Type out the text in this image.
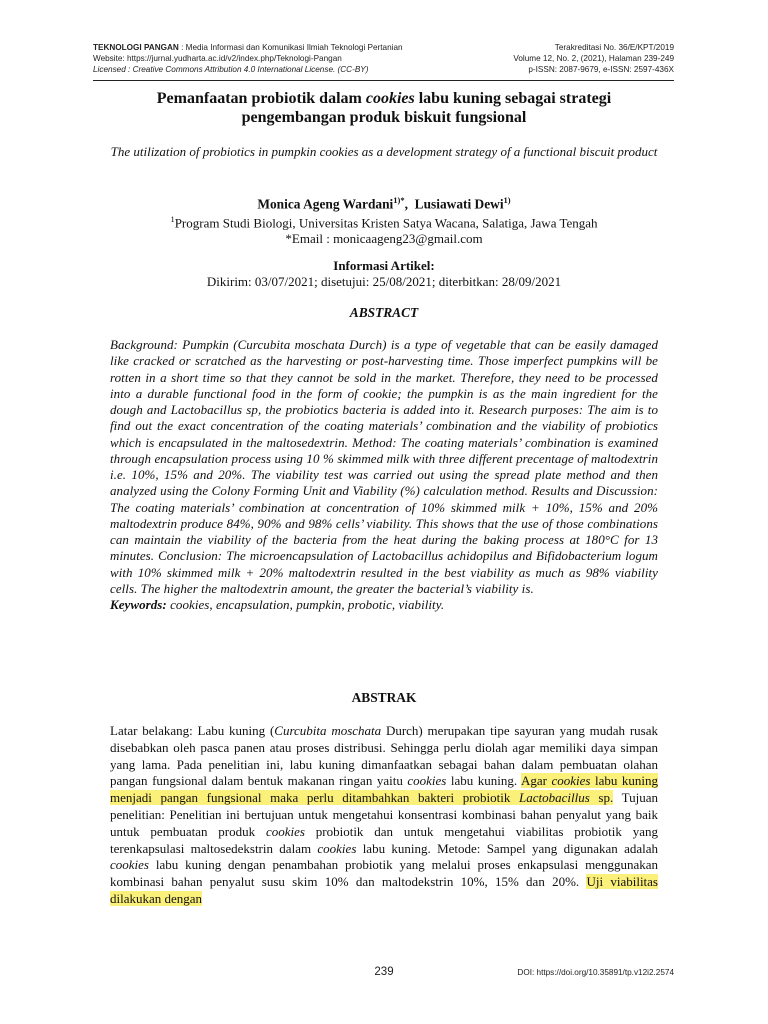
TEKNOLOGI PANGAN : Media Informasi dan Komunikasi Ilmiah Teknologi Pertanian
Website: https://jurnal.yudharta.ac.id/v2/index.php/Teknologi-Pangan
Licensed : Creative Commons Attribution 4.0 International License. (CC-BY)
Terakreditasi No. 36/E/KPT/2019
Volume 12, No. 2, (2021), Halaman 239-249
p-ISSN: 2087-9679, e-ISSN: 2597-436X
Pemanfaatan probiotik dalam cookies labu kuning sebagai strategi pengembangan produk biskuit fungsional
The utilization of probiotics in pumpkin cookies as a development strategy of a functional biscuit product
Monica Ageng Wardani$^{1)*}$,  Lusiawati Dewi$^{1)}$
$^1$Program Studi Biologi, Universitas Kristen Satya Wacana, Salatiga, Jawa Tengah
*Email : monicaageng23@gmail.com
Informasi Artikel:
Dikirim: 03/07/2021; disetujui: 25/08/2021; diterbitkan: 28/09/2021
ABSTRACT
Background: Pumpkin (Curcubita moschata Durch) is a type of vegetable that can be easily damaged like cracked or scratched as the harvesting or post-harvesting time. Those imperfect pumpkins will be rotten in a short time so that they cannot be sold in the market. Therefore, they need to be processed into a durable functional food in the form of cookie; the pumpkin is as the main ingredient for the dough and Lactobacillus sp, the probiotics bacteria is added into it. Research purposes: The aim is to find out the exact concentration of the coating materials’ combination and the viability of probiotics which is encapsulated in the maltosedextrin. Method: The coating materials’ combination is examined through encapsulation process using 10 % skimmed milk with three different precentage of maltodextrin i.e. 10%, 15% and 20%. The viability test was carried out using the spread plate method and then analyzed using the Colony Forming Unit and Viability (%) calculation method. Results and Discussion: The coating materials’ combination at concentration of 10% skimmed milk + 10%, 15% and 20% maltodextrin produce 84%, 90% and 98% cells’ viability. This shows that the use of those combinations can maintain the viability of the bacteria from the heat during the baking process at 180°C for 13 minutes. Conclusion: The microencapsulation of Lactobacillus achidopilus and Bifidobacterium logum with 10% skimmed milk + 20% maltodextrin resulted in the best viability as much as 98% viability cells. The higher the maltodextrin amount, the greater the bacterial’s viability is.
Keywords: cookies, encapsulation, pumpkin, probotic, viability.
ABSTRAK
Latar belakang: Labu kuning (Curcubita moschata Durch) merupakan tipe sayuran yang mudah rusak disebabkan oleh pasca panen atau proses distribusi. Sehingga perlu diolah agar memiliki daya simpan yang lama. Pada penelitian ini, labu kuning dimanfaatkan sebagai bahan dalam pembuatan olahan pangan fungsional dalam bentuk makanan ringan yaitu cookies labu kuning. Agar cookies labu kuning menjadi pangan fungsional maka perlu ditambahkan bakteri probiotik Lactobacillus sp. Tujuan penelitian: Penelitian ini bertujuan untuk mengetahui konsentrasi kombinasi bahan penyalut yang baik untuk pembuatan produk cookies probiotik dan untuk mengetahui viabilitas probiotik yang terenkapsulasi maltosedekstrin dalam cookies labu kuning. Metode: Sampel yang digunakan adalah cookies labu kuning dengan penambahan probiotik yang melalui proses enkapsulasi menggunakan kombinasi bahan penyalut susu skim 10% dan maltodekstrin 10%, 15% dan 20%. Uji viabilitas dilakukan dengan
239	DOI: https://doi.org/10.35891/tp.v12i2.2574
